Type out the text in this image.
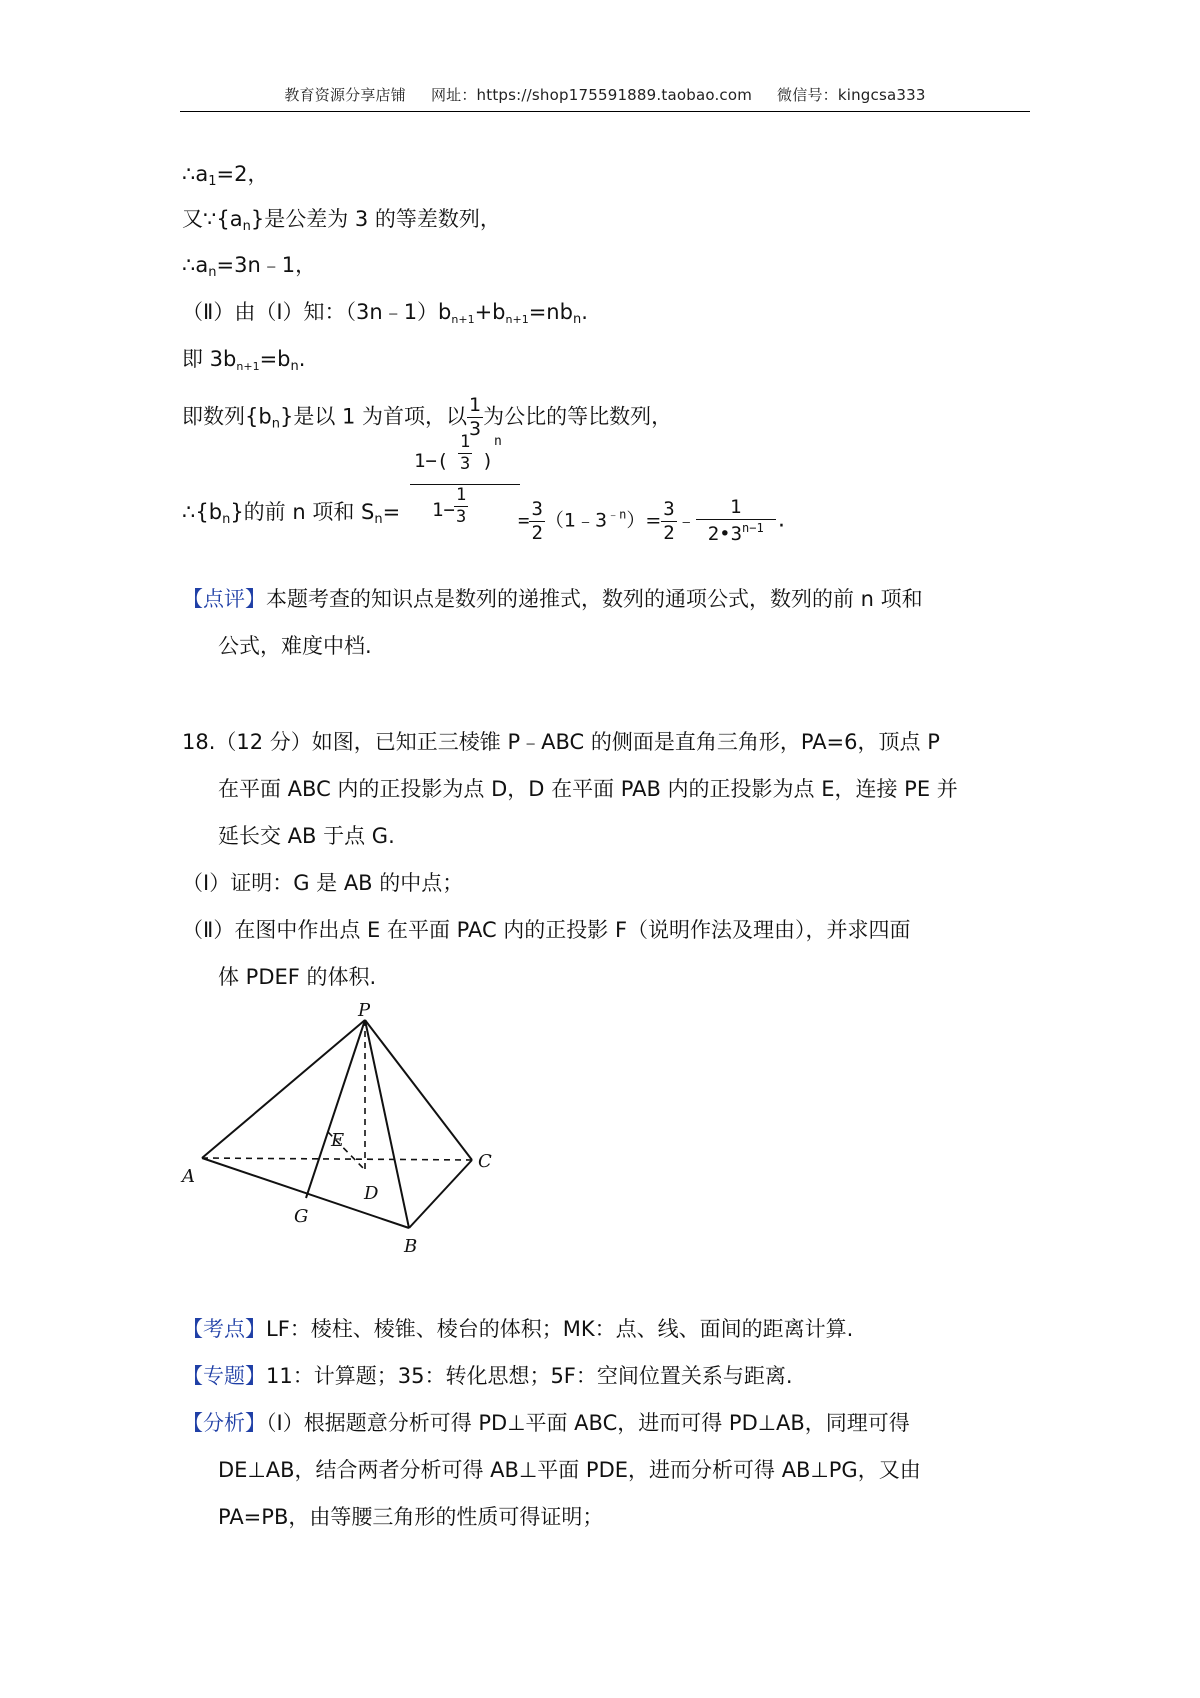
教育资源分享店铺 网址：https://shop175591889.taobao.com 微信号：kingcsa333
$\therefore a_1=2$，
又$\because\{a_n\}$是公差为 3 的等差数列，
$\therefore a_n=3n﹣1$，
（Ⅱ）由（I）知：$(3n﹣1)bn+1+bn+1=nb_n$.
即 $3bn+1=b_n$.
即数列$\{b_n\}$是以 1 为首项，以 $\frac{1}{3}$ 为公比的等比数列，
$\therefore\{b_n\}$的前 n 项和 $S_n= 1-( \frac{1}{3}$ )
n
$1- \frac{1}{3}$
= $\frac{3}{2}$ $(1﹣3^{﹣n})= \frac{3}{2}$ ﹣ $\frac{1}{2•3^{n-1}}$ .
【点评】本题考查的知识点是数列的递推式，数列的通项公式，数列的前 n 项和
公式，难度中档.
18.（12 分）如图，已知正三棱锥 P﹣ABC 的侧面是直角三角形，PA=6，顶点 P
在平面 ABC 内的正投影为点 D，D 在平面 PAB 内的正投影为点 E，连接 PE 并
延长交 AB 于点 G.
（Ⅰ）证明：G 是 AB 的中点；
（Ⅱ）在图中作出点 E 在平面 PAC 内的正投影 F（说明作法及理由），并求四面
体 PDEF 的体积.
P
A
B
C
D
E
G
【考点】LF：棱柱、棱锥、棱台的体积；MK：点、线、面间的距离计算.
【专题】11：计算题；35：转化思想；5F：空间位置关系与距离.
【分析】（Ⅰ）根据题意分析可得 PD⊥平面 ABC，进而可得 PD⊥AB，同理可得
DE⊥AB，结合两者分析可得 AB⊥平面 PDE，进而分析可得 AB⊥PG，又由
PA=PB，由等腰三角形的性质可得证明；
